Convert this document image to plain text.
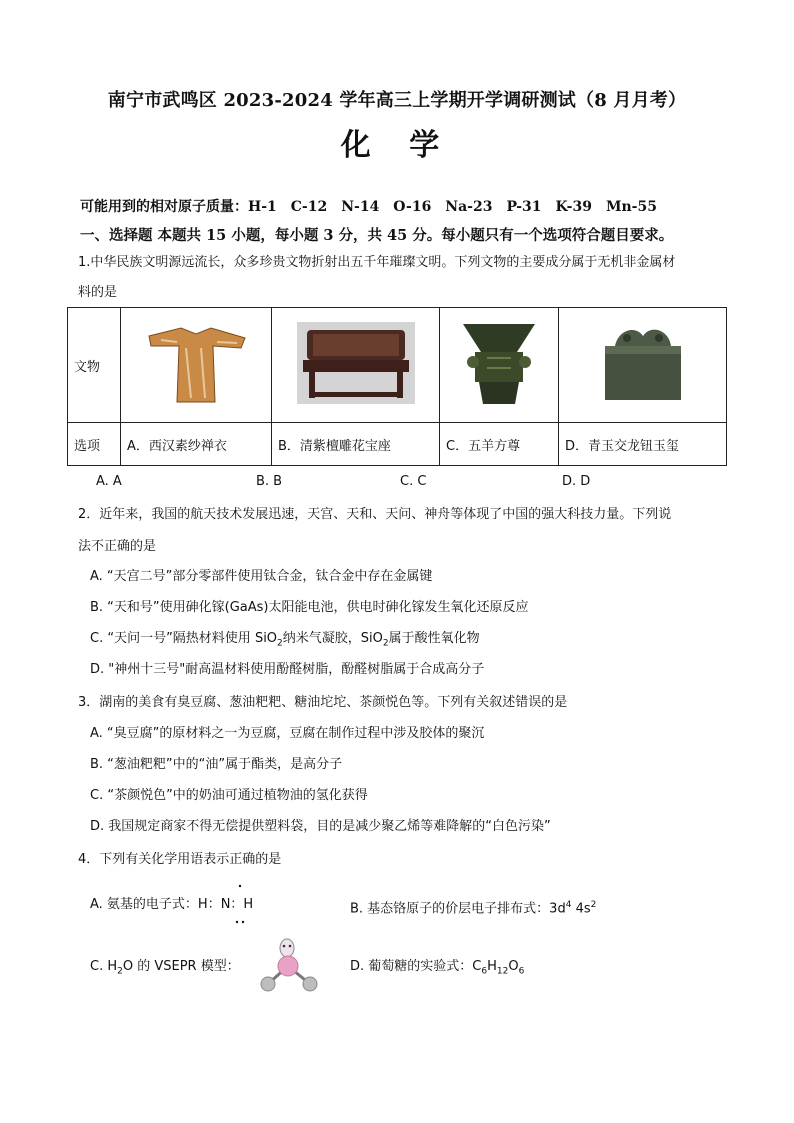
南宁市武鸣区 2023-2024 学年高三上学期开学调研测试（8 月月考）
化 学
可能用到的相对原子质量：H-1　C-12　N-14　O-16　Na-23　P-31　K-39　Mn-55
一、选择题 本题共 15 小题，每小题 3 分，共 45 分。每小题只有一个选项符合题目要求。
1.中华民族文明源远流长，众多珍贵文物折射出五千年璀璨文明。下列文物的主要成分属于无机非金属材
料的是
文物				
选项	A．西汉素纱禅衣	B．清紫檀雕花宝座	C．五羊方尊	D．青玉交龙钮玉玺
A. A	B. B	C. C	D. D
2．近年来，我国的航天技术发展迅速，天宫、天和、天问、神舟等体现了中国的强大科技力量。下列说
法不正确的是
A. “天宫二号”部分零部件使用钛合金，钛合金中存在金属键
B. “天和号”使用砷化镓(GaAs)太阳能电池，供电时砷化镓发生氧化还原反应
C. “天问一号”隔热材料使用 SiO$_2$纳米气凝胶，SiO$_2$属于酸性氧化物
D. "神州十三号"耐高温材料使用酚醛树脂，酚醛树脂属于合成高分子
3．湖南的美食有臭豆腐、葱油粑粑、糖油坨坨、茶颜悦色等。下列有关叙述错误的是
A. “臭豆腐”的原材料之一为豆腐，豆腐在制作过程中涉及胶体的聚沉
B. “葱油粑粑”中的“油”属于酯类，是高分子
C. “茶颜悦色”中的奶油可通过植物油的氢化获得
D. 我国规定商家不得无偿提供塑料袋，目的是减少聚乙烯等难降解的“白色污染”
4．下列有关化学用语表示正确的是
A. 氨基的电子式：H：N：H	B. 基态铬原子的价层电子排布式：$3d^4$ $4s^2$
C. $H_2O$ 的 VSEPR 模型：	D. 葡萄糖的实验式：$C_6H_{12}O_6$
